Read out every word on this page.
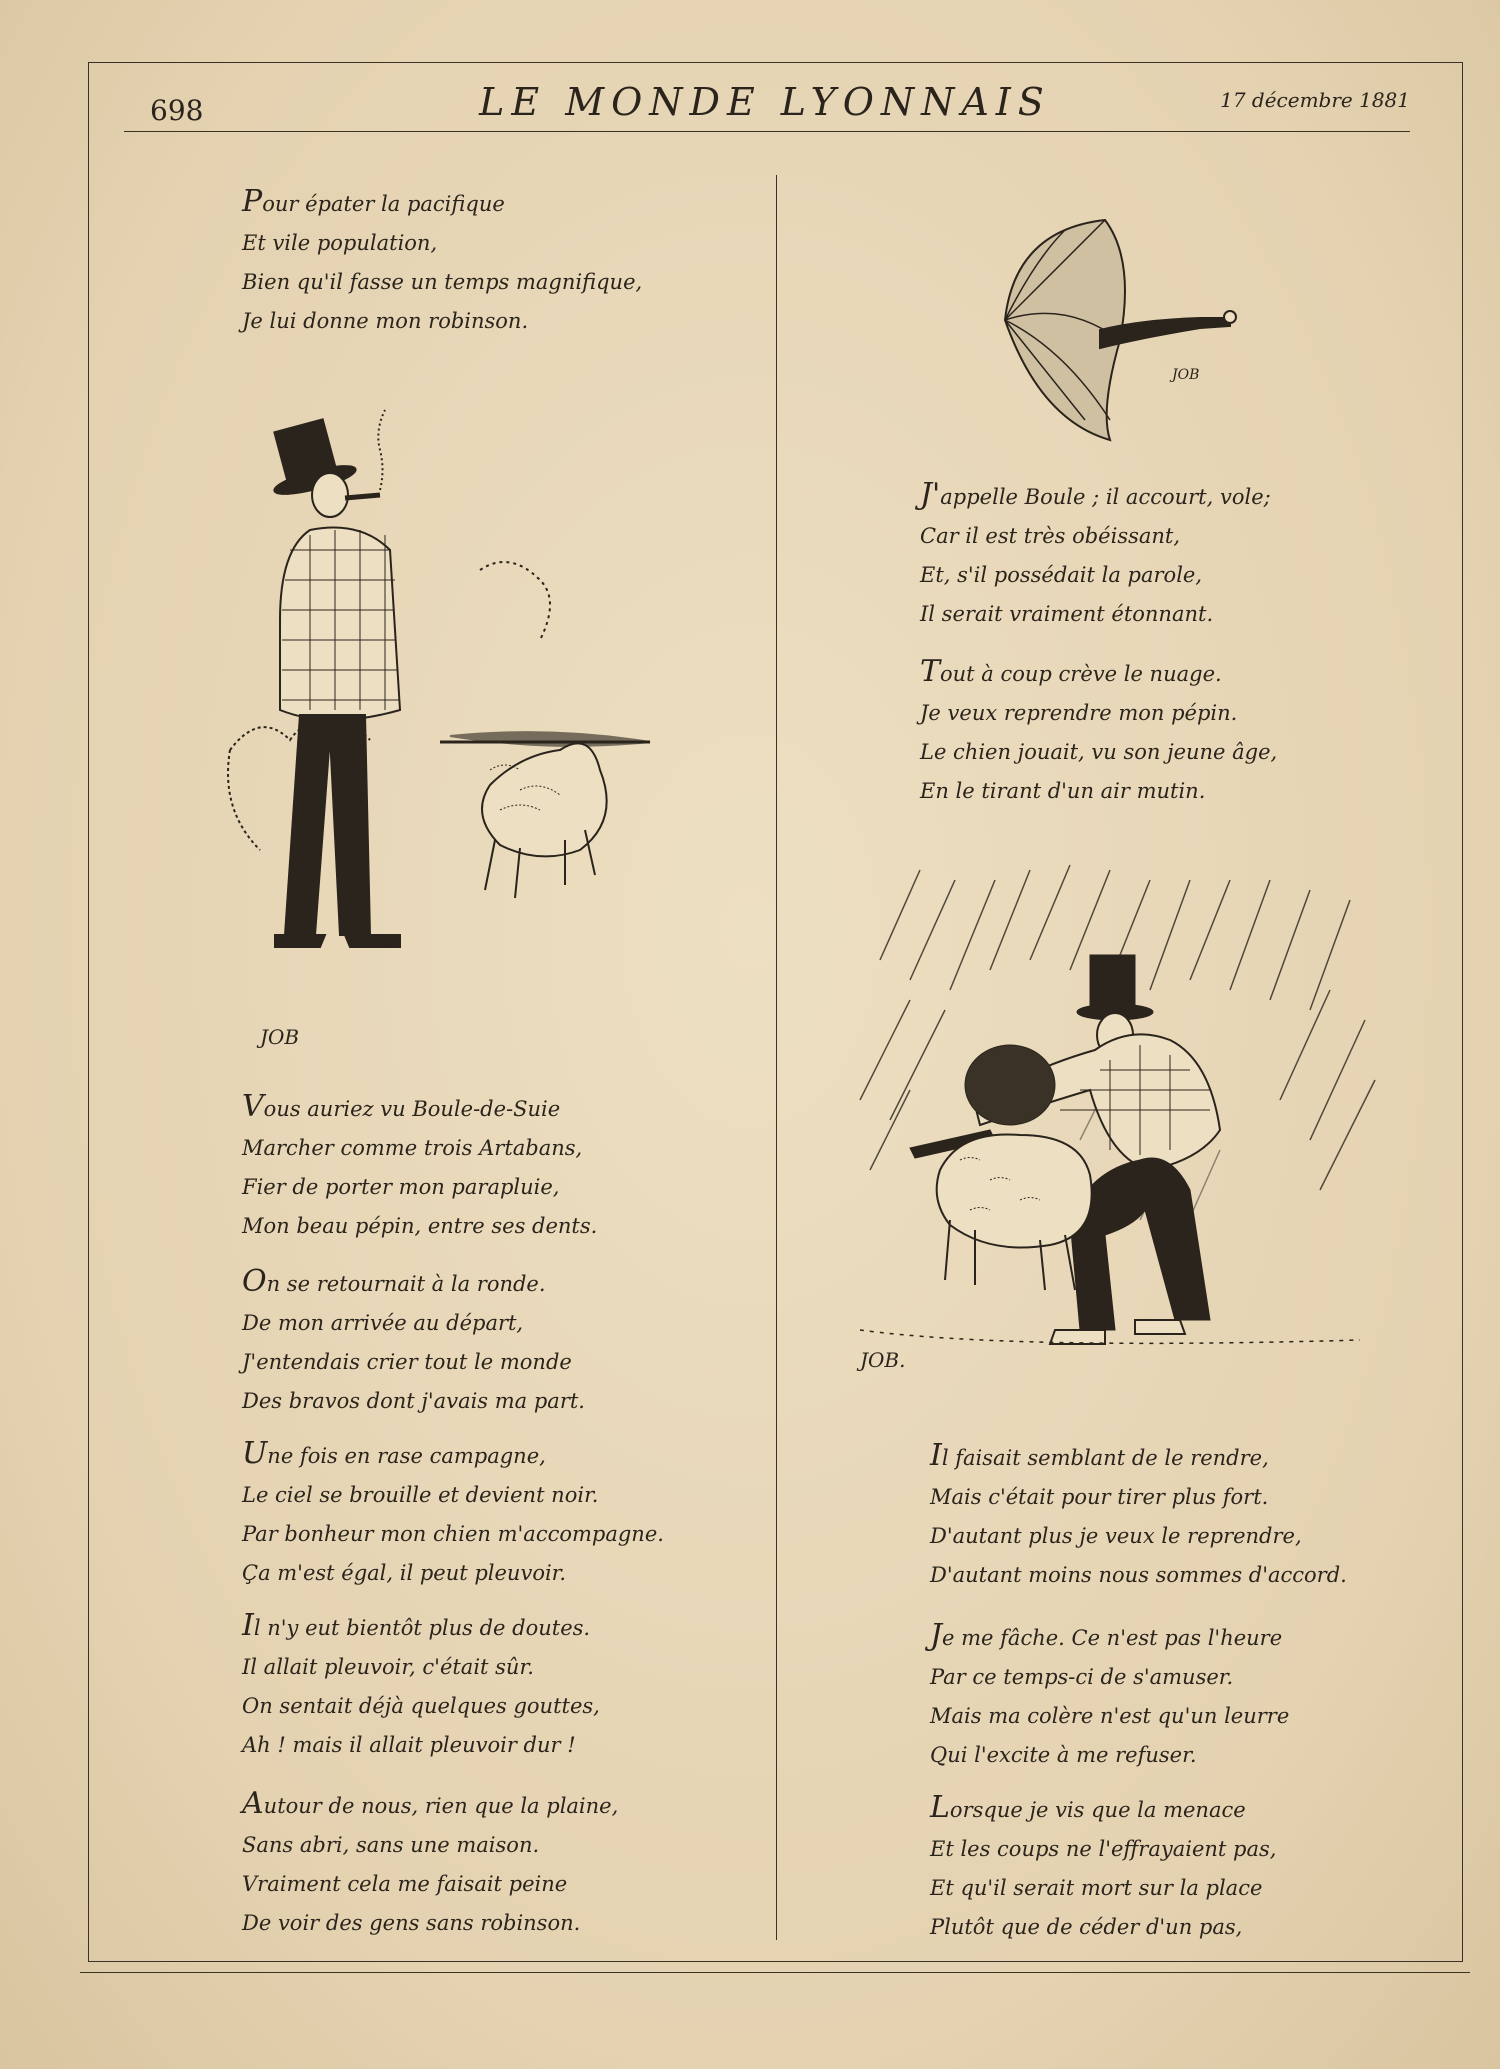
698	LE MONDE LYONNAIS	17 décembre 1881
Pour épater la pacifique
Et vile population,
Bien qu'il fasse un temps magnifique,
Je lui donne mon robinson.
JOB
Vous auriez vu Boule-de-Suie
Marcher comme trois Artabans,
Fier de porter mon parapluie,
Mon beau pépin, entre ses dents.
On se retournait à la ronde.
De mon arrivée au départ,
J'entendais crier tout le monde
Des bravos dont j'avais ma part.
Une fois en rase campagne,
Le ciel se brouille et devient noir.
Par bonheur mon chien m'accompagne.
Ça m'est égal, il peut pleuvoir.
Il n'y eut bientôt plus de doutes.
Il allait pleuvoir, c'était sûr.
On sentait déjà quelques gouttes,
Ah ! mais il allait pleuvoir dur !
Autour de nous, rien que la plaine,
Sans abri, sans une maison.
Vraiment cela me faisait peine
De voir des gens sans robinson.
JOB
J'appelle Boule ; il accourt, vole;
Car il est très obéissant,
Et, s'il possédait la parole,
Il serait vraiment étonnant.
Tout à coup crève le nuage.
Je veux reprendre mon pépin.
Le chien jouait, vu son jeune âge,
En le tirant d'un air mutin.
JOB.
Il faisait semblant de le rendre,
Mais c'était pour tirer plus fort.
D'autant plus je veux le reprendre,
D'autant moins nous sommes d'accord.
Je me fâche. Ce n'est pas l'heure
Par ce temps-ci de s'amuser.
Mais ma colère n'est qu'un leurre
Qui l'excite à me refuser.
Lorsque je vis que la menace
Et les coups ne l'effrayaient pas,
Et qu'il serait mort sur la place
Plutôt que de céder d'un pas,
